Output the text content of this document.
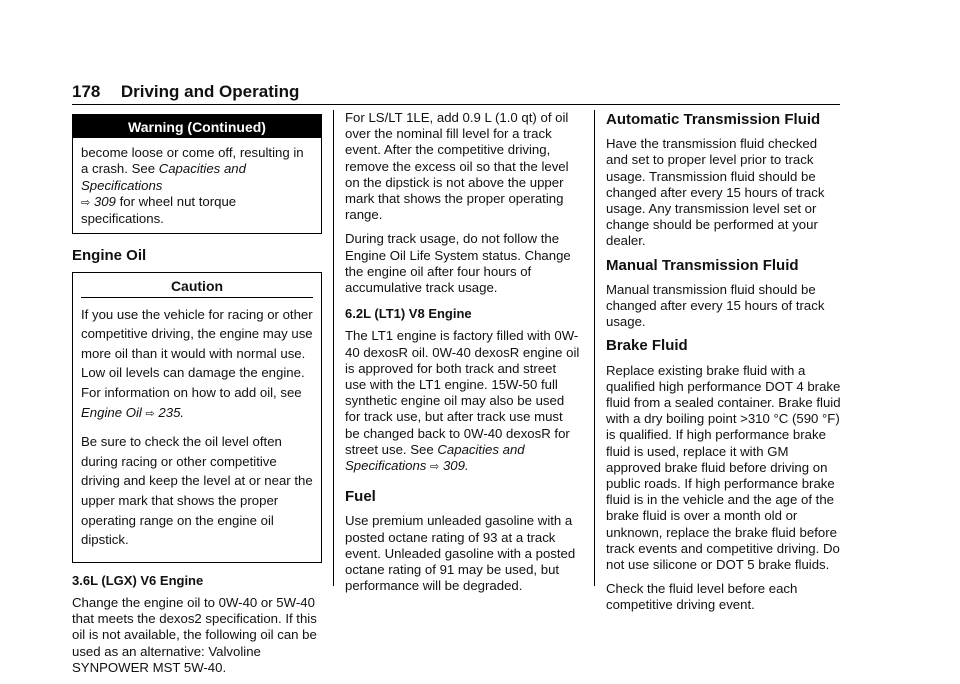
178 Driving and Operating
Warning (Continued)
become loose or come off, resulting in a crash. See Capacities and Specifications
⇨ 309 for wheel nut torque specifications.
Engine Oil
Caution

If you use the vehicle for racing or other competitive driving, the engine may use more oil than it would with normal use. Low oil levels can damage the engine. For information on how to add oil, see Engine Oil ⇨ 235.

Be sure to check the oil level often during racing or other competitive driving and keep the level at or near the upper mark that shows the proper operating range on the engine oil dipstick.

3.6L (LGX) V6 Engine

Change the engine oil to 0W-40 or 5W-40 that meets the dexos2 specification. If this oil is not available, the following oil can be used as an alternative: Valvoline SYNPOWER MST 5W-40.

For LS/LT 1LE, add 0.9 L (1.0 qt) of oil over the nominal fill level for a track event. After the competitive driving, remove the excess oil so that the level on the dipstick is not above the upper mark that shows the proper operating range.

During track usage, do not follow the Engine Oil Life System status. Change the engine oil after four hours of accumulative track usage.

6.2L (LT1) V8 Engine

The LT1 engine is factory filled with 0W-40 dexosR oil. 0W-40 dexosR engine oil is approved for both track and street use with the LT1 engine. 15W-50 full synthetic engine oil may also be used for track use, but after track use must be changed back to 0W-40 dexosR for street use. See Capacities and Specifications ⇨ 309.

Fuel

Use premium unleaded gasoline with a posted octane rating of 93 at a track event. Unleaded gasoline with a posted octane rating of 91 may be used, but performance will be degraded.

Automatic Transmission Fluid

Have the transmission fluid checked and set to proper level prior to track usage. Transmission fluid should be changed after every 15 hours of track usage. Any transmission level set or change should be performed at your dealer.

Manual Transmission Fluid

Manual transmission fluid should be changed after every 15 hours of track usage.

Brake Fluid

Replace existing brake fluid with a qualified high performance DOT 4 brake fluid from a sealed container. Brake fluid with a dry boiling point >310 °C (590 °F) is qualified. If high performance brake fluid is used, replace it with GM approved brake fluid before driving on public roads. If high performance brake fluid is in the vehicle and the age of the brake fluid is over a month old or unknown, replace the brake fluid before track events and competitive driving. Do not use silicone or DOT 5 brake fluids.

Check the fluid level before each competitive driving event.
